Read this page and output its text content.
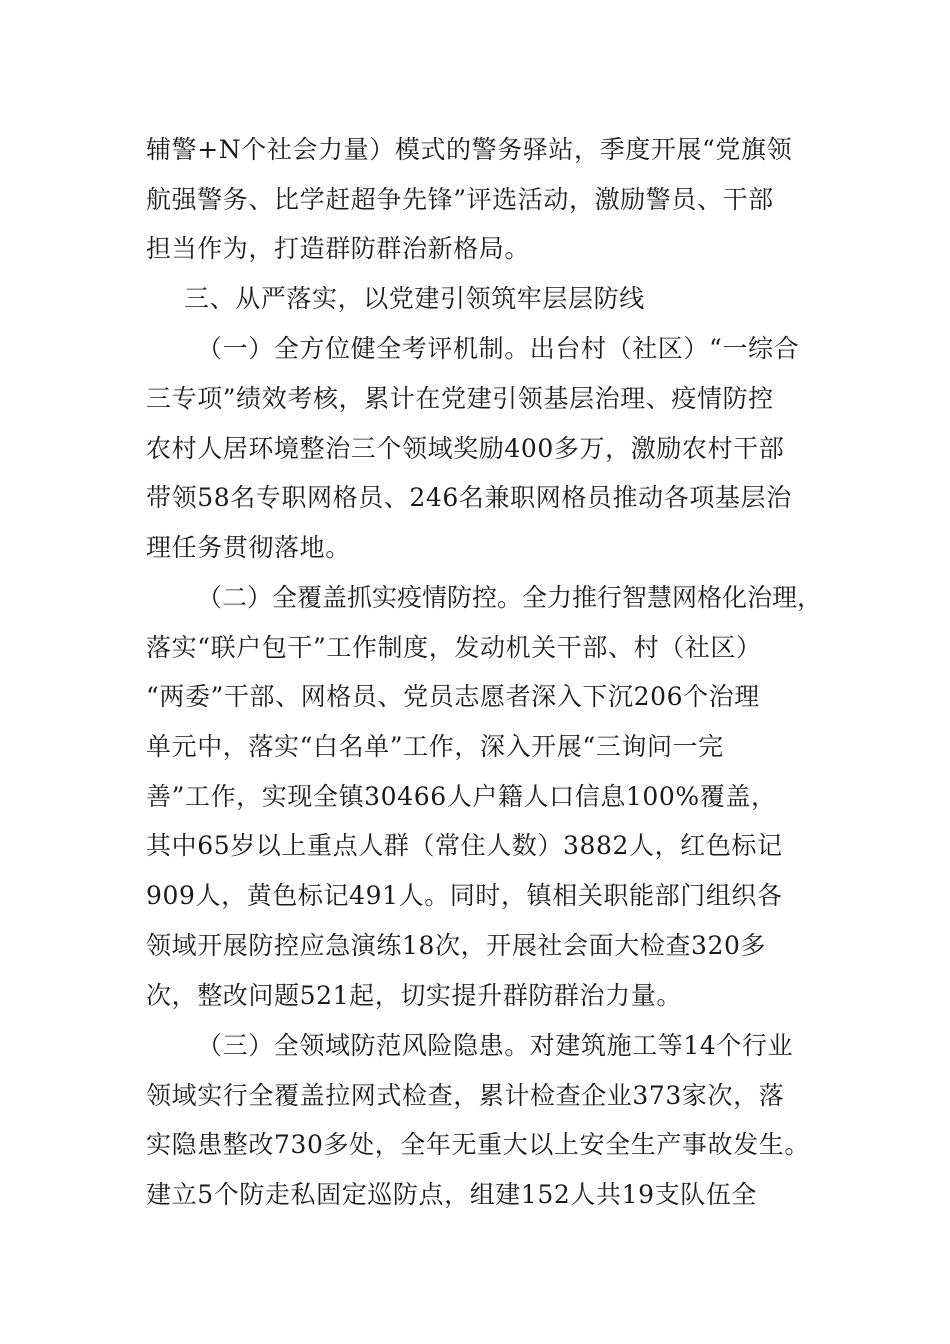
辅警+N个社会力量）模式的警务驿站，季度开展“党旗领
航强警务、比学赶超争先锋”评选活动，激励警员、干部
担当作为，打造群防群治新格局。
三、从严落实，以党建引领筑牢层层防线
（一）全方位健全考评机制。出台村（社区）“一综合
三专项”绩效考核，累计在党建引领基层治理、疫情防控
农村人居环境整治三个领域奖励400多万，激励农村干部
带领58名专职网格员、246名兼职网格员推动各项基层治
理任务贯彻落地。
（二）全覆盖抓实疫情防控。全力推行智慧网格化治理，
落实“联户包干”工作制度，发动机关干部、村（社区）
“两委”干部、网格员、党员志愿者深入下沉206个治理
单元中，落实“白名单”工作，深入开展“三询问一完
善”工作，实现全镇30466人户籍人口信息100%覆盖，
其中65岁以上重点人群（常住人数）3882人，红色标记
909人，黄色标记491人。同时，镇相关职能部门组织各
领域开展防控应急演练18次，开展社会面大检查320多
次，整改问题521起，切实提升群防群治力量。
（三）全领域防范风险隐患。对建筑施工等14个行业
领域实行全覆盖拉网式检查，累计检查企业373家次，落
实隐患整改730多处，全年无重大以上安全生产事故发生。
建立5个防走私固定巡防点，组建152人共19支队伍全
